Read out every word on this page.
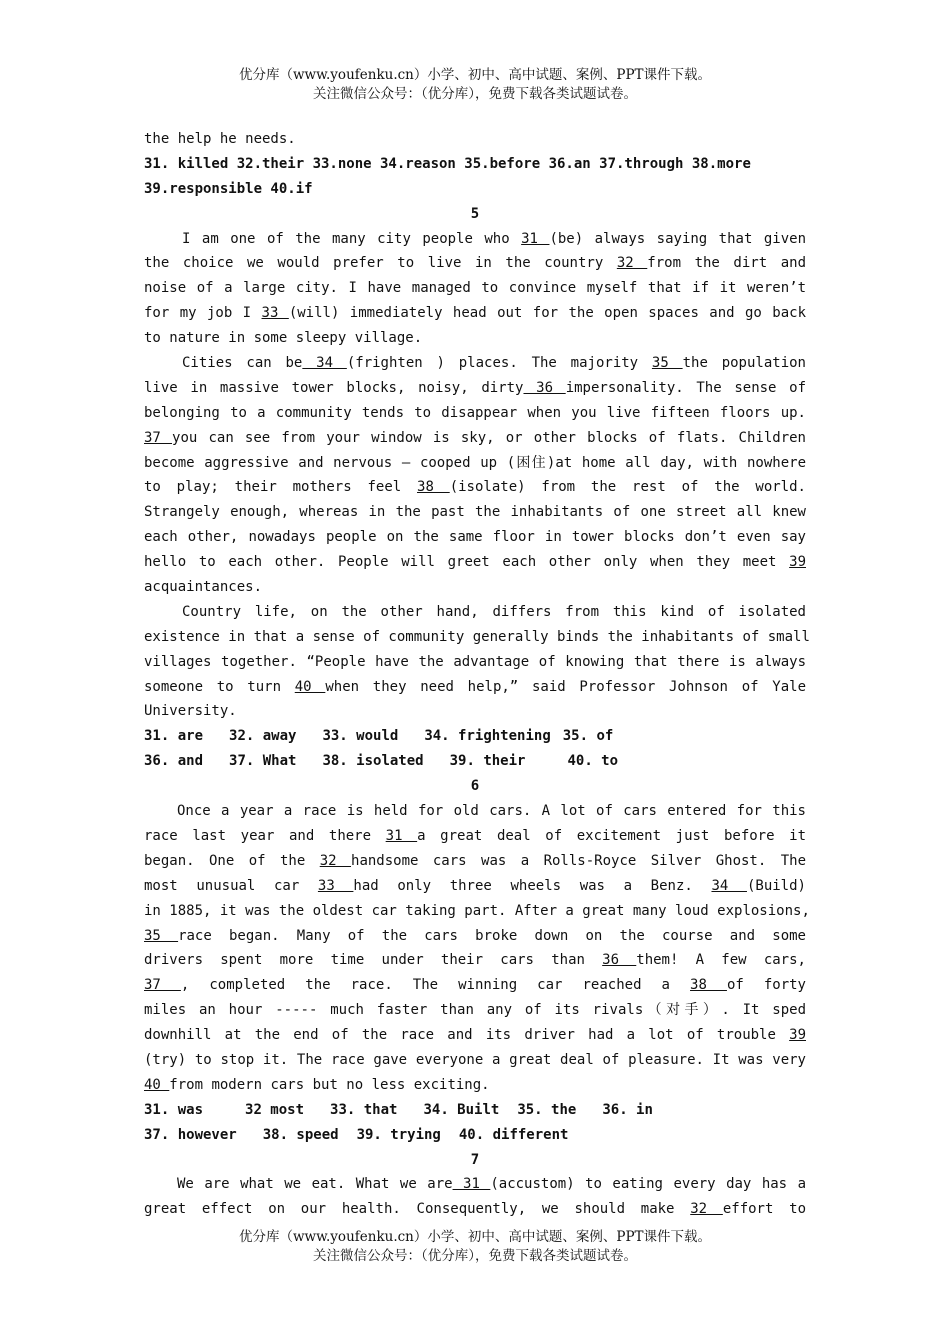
优分库（www.youfenku.cn）小学、初中、高中试题、案例、PPT课件下载。
关注微信公众号：（优分库），免费下载各类试题试卷。
the help he needs.
31. killed 32.their 33.none 34.reason 35.before 36.an 37.through 38.more
39.responsible 40.if
5
I am one of the many city people who 31 (be) always saying that given
the choice we would prefer to live in the country 32 from the dirt and
noise of a large city. I have managed to convince myself that if it weren’t
for my job I 33 (will) immediately head out for the open spaces and go back
to nature in some sleepy village.
Cities can be 34 (frighten ) places. The majority 35 the population
live in massive tower blocks, noisy, dirty 36 impersonality. The sense of
belonging to a community tends to disappear when you live fifteen floors up.
37 you can see from your window is sky, or other blocks of flats. Children
become aggressive and nervous — cooped up (困住)at home all day, with nowhere
to play; their mothers feel 38 (isolate) from the rest of the world.
Strangely enough, whereas in the past the inhabitants of one street all knew
each other, nowadays people on the same floor in tower blocks don’t even say
hello to each other. People will greet each other only when they meet 39
acquaintances.
Country life, on the other hand, differs from this kind of isolated
existence in that a sense of community generally binds the inhabitants of small
villages together. “People have the advantage of knowing that there is always
someone to turn 40 when they need help,” said Professor Johnson of Yale
University.
31. are 32. away 33. would 34. frightening 35. of
36. and 37. What 38. isolated 39. their	40. to
6
Once a year a race is held for old cars. A lot of cars entered for this
race last year and there 31 a great deal of excitement just before it
began. One of the 32 handsome cars was a Rolls-Royce Silver Ghost. The
most unusual car 33 had only three wheels was a Benz. 34 (Build)
in 1885, it was the oldest car taking part. After a great many loud explosions,
35 race began. Many of the cars broke down on the course and some
drivers spent more time under their cars than 36 them! A few cars,
37 , completed the race. The winning car reached a 38 of forty
miles an hour ----- much faster than any of its rivals（对手）. It sped
downhill at the end of the race and its driver had a lot of trouble 39
(try) to stop it. The race gave everyone a great deal of pleasure. It was very
40 from modern cars but no less exciting.
31. was	32 most 33. that 34. Built 35. the 36. in
37. however 38. speed 39. trying 40. different
7
We are what we eat. What we are 31 (accustom) to eating every day has a
great effect on our health. Consequently, we should make 32 effort to
优分库（www.youfenku.cn）小学、初中、高中试题、案例、PPT课件下载。
关注微信公众号：（优分库），免费下载各类试题试卷。
